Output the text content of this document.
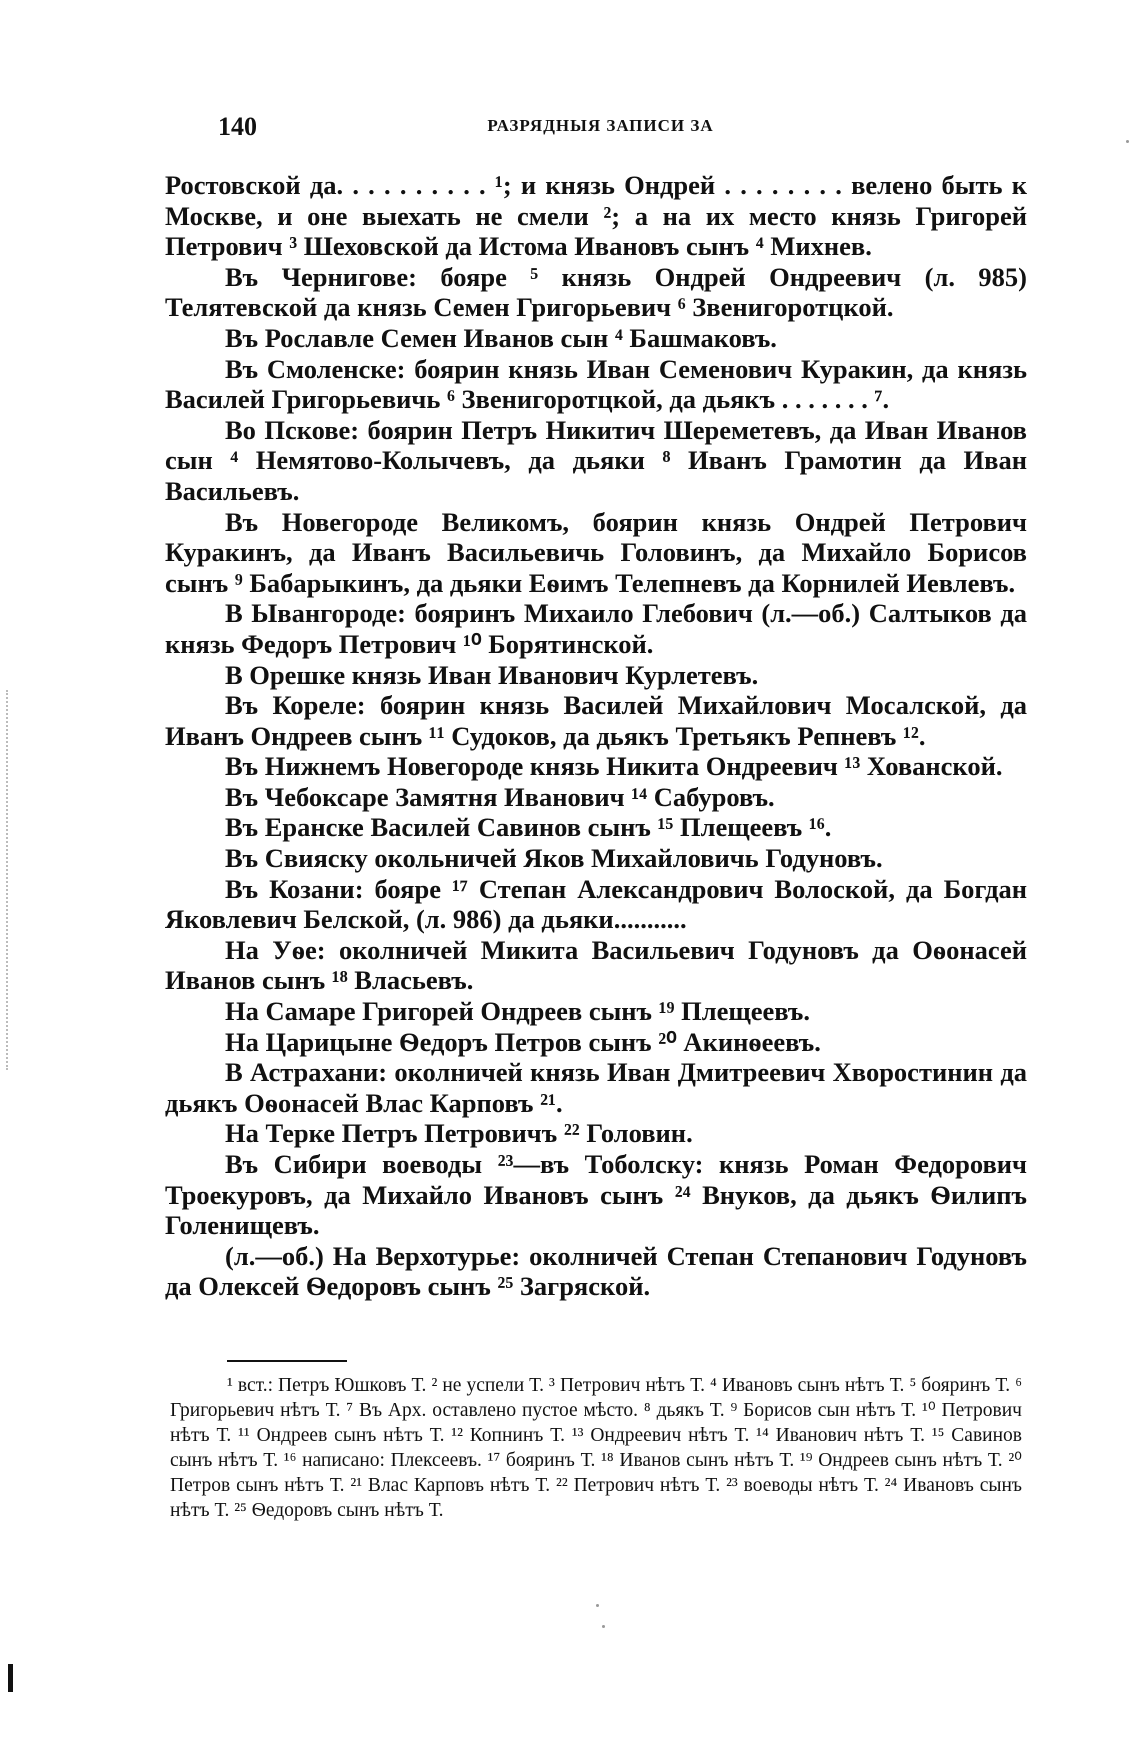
140	РАЗРЯДНЫЯ ЗАПИСИ ЗА

Ростовской да. . . . . . . . . . ¹; и князь Ондрей . . . . . . . . велено быть к Москве, и оне выехать не смели ²; а на их место князь Григорей Петрович ³ Шеховской да Истома Ивановъ сынъ ⁴ Михнев.

Въ Чернигове: бояре ⁵ князь Ондрей Ондреевич (л. 985) Телятевской да князь Семен Григорьевич ⁶ Звенигоротцкой.

Въ Рославле Семен Иванов сын ⁴ Башмаковъ.

Въ Смоленске: боярин князь Иван Семенович Куракин, да князь Василей Григорьевичь ⁶ Звенигоротцкой, да дьякъ . . . . . . . ⁷.

Во Пскове: боярин Петръ Никитич Шереметевъ, да Иван Иванов сын ⁴ Немятово-Колычевъ, да дьяки ⁸ Иванъ Грамотин да Иван Васильевъ.

Въ Новегороде Великомъ, боярин князь Ондрей Петрович Куракинъ, да Иванъ Васильевичь Головинъ, да Михайло Борисов сынъ ⁹ Бабарыкинъ, да дьяки Еѳимъ Телепневъ да Корнилей Иевлевъ.

В Ывангороде: бояринъ Михаило Глебович (л.—об.) Салтыков да князь Федоръ Петрович ¹⁰ Борятинской.

В Орешке князь Иван Иванович Курлетевъ.

Въ Кореле: боярин князь Василей Михайлович Мосалской, да Иванъ Ондреев сынъ ¹¹ Судоков, да дьякъ Третьякъ Репневъ ¹².

Въ Нижнемъ Новегороде князь Никита Ондреевич ¹³ Хованской.

Въ Чебоксаре Замятня Иванович ¹⁴ Сабуровъ.

Въ Еранске Василей Савинов сынъ ¹⁵ Плещеевъ ¹⁶.

Въ Свияску окольничей Яков Михайловичь Годуновъ.

Въ Козани: бояре ¹⁷ Степан Александрович Волоской, да Богдан Яковлевич Белской, (л. 986) да дьяки...........

На Уѳе: околничей Микита Васильевич Годуновъ да Оѳонасей Иванов сынъ ¹⁸ Власьевъ.

На Самаре Григорей Ондреев сынъ ¹⁹ Плещеевъ.

На Царицыне Ѳедоръ Петров сынъ ²⁰ Акинѳеевъ.

В Астрахани: околничей князь Иван Дмитреевич Хворостинин да дьякъ Оѳонасей Влас Карповъ ²¹.

На Терке Петръ Петровичъ ²² Головин.

Въ Сибири воеводы ²³—въ Тоболску: князь Роман Федорович Троекуровъ, да Михайло Ивановъ сынъ ²⁴ Внуков, да дьякъ Ѳилипъ Голенищевъ.

(л.—об.) На Верхотурье: околничей Степан Степанович Годуновъ да Олексей Ѳедоровъ сынъ ²⁵ Загряской.

¹ вст.: Петръ Юшковъ Т. ² не успели Т. ³ Петрович нѣтъ Т. ⁴ Ивановъ сынъ нѣтъ Т. ⁵ бояринъ Т. ⁶ Григорьевич нѣтъ Т. ⁷ Въ Арх. оставлено пустое мѣсто. ⁸ дьякъ Т. ⁹ Борисов сын нѣтъ Т. ¹⁰ Петрович нѣтъ Т. ¹¹ Ондреев сынъ нѣтъ Т. ¹² Копнинъ Т. ¹³ Ондреевич нѣтъ Т. ¹⁴ Иванович нѣтъ Т. ¹⁵ Савинов сынъ нѣтъ Т. ¹⁶ написано: Плексеевъ. ¹⁷ бояринъ Т. ¹⁸ Иванов сынъ нѣтъ Т. ¹⁹ Ондреев сынъ нѣтъ Т. ²⁰ Петров сынъ нѣтъ Т. ²¹ Влас Карповъ нѣтъ Т. ²² Петрович нѣтъ Т. ²³ воеводы нѣтъ Т. ²⁴ Ивановъ сынъ нѣтъ Т. ²⁵ Ѳедоровъ сынъ нѣтъ Т.
